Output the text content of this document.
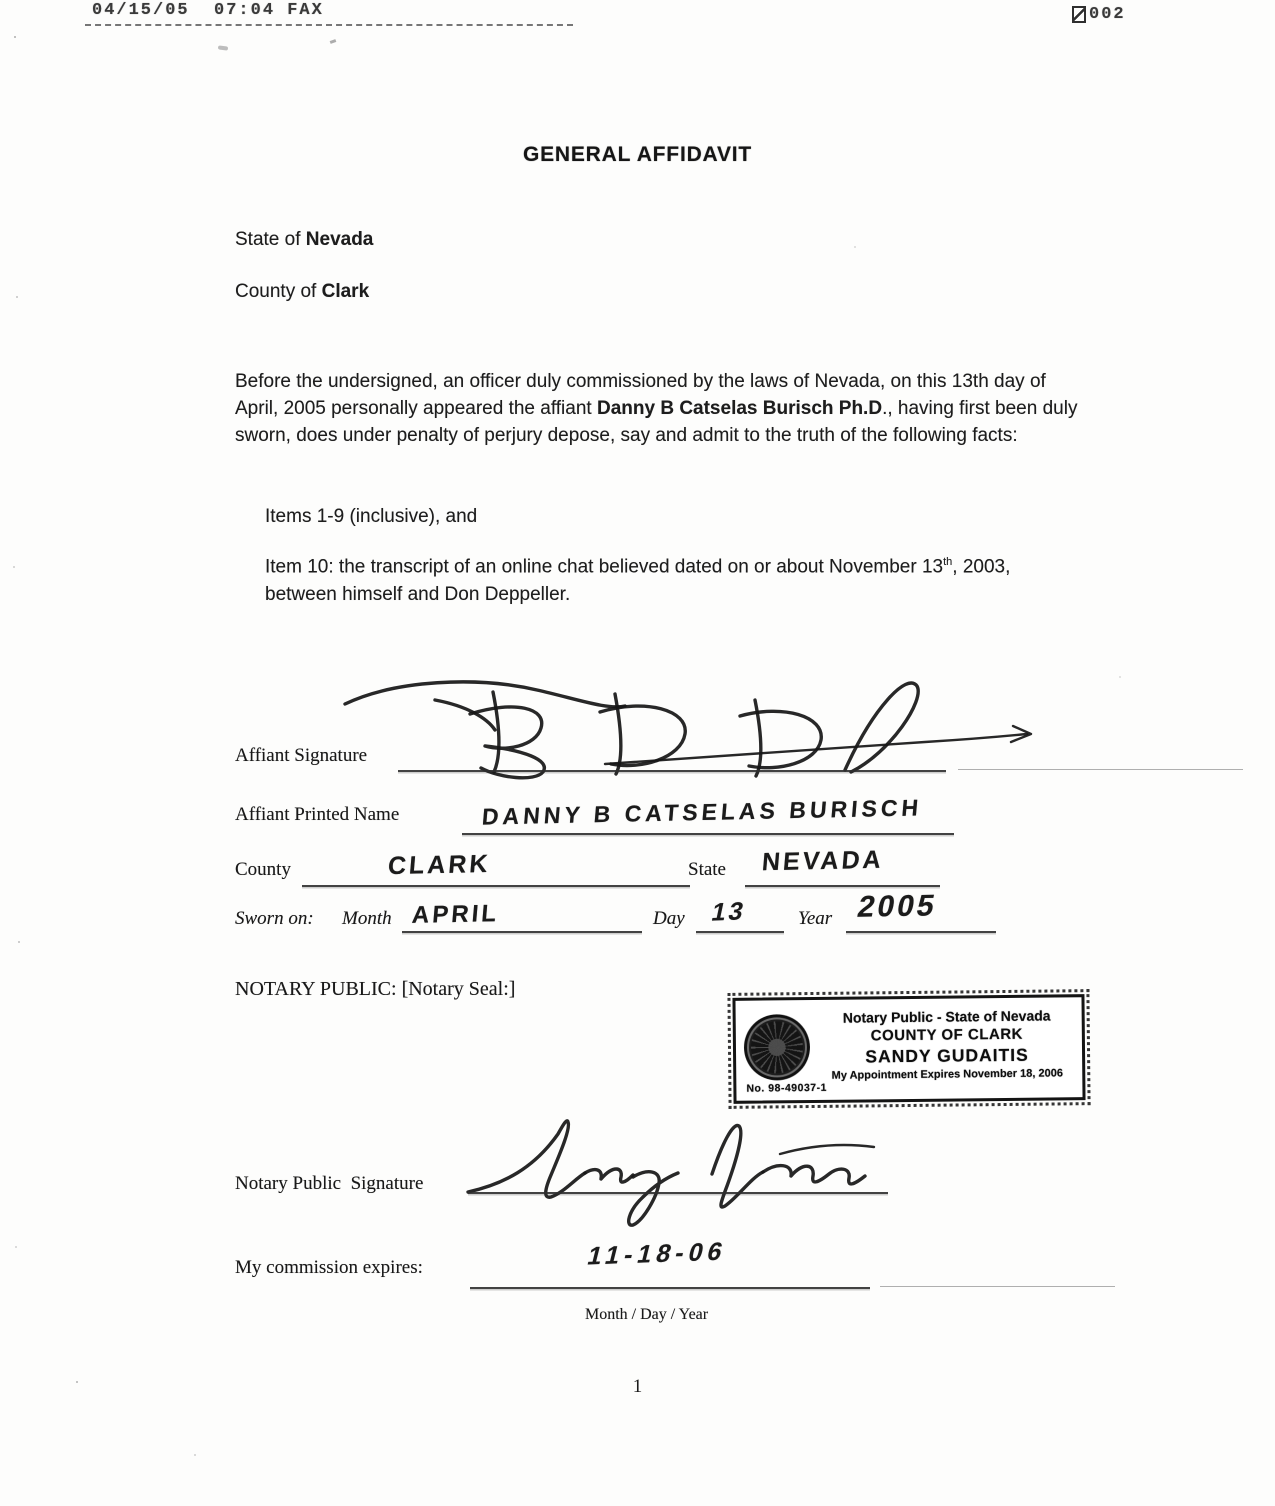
04/15/05  07:04 FAX	002
GENERAL AFFIDAVIT
State of Nevada
County of Clark
Before the undersigned, an officer duly commissioned by the laws of Nevada, on this 13th day of April, 2005 personally appeared the affiant Danny B Catselas Burisch Ph.D., having first been duly sworn, does under penalty of perjury depose, say and admit to the truth of the following facts:
Items 1-9 (inclusive), and
Item 10: the transcript of an online chat believed dated on or about November 13th, 2003, between himself and Don Deppeller.
Affiant Signature
Affiant Printed Name	DANNY B CATSELAS BURISCH
County	CLARK	State NEVADA
Sworn on: Month APRIL	Day 13	Year 2005
NOTARY PUBLIC: [Notary Seal:]
No. 98-49037-1
Notary Public - State of Nevada
COUNTY OF CLARK
SANDY GUDAITIS
My Appointment Expires November 18, 2006
Notary Public  Signature
My commission expires:	11-18-06
Month / Day / Year
1
